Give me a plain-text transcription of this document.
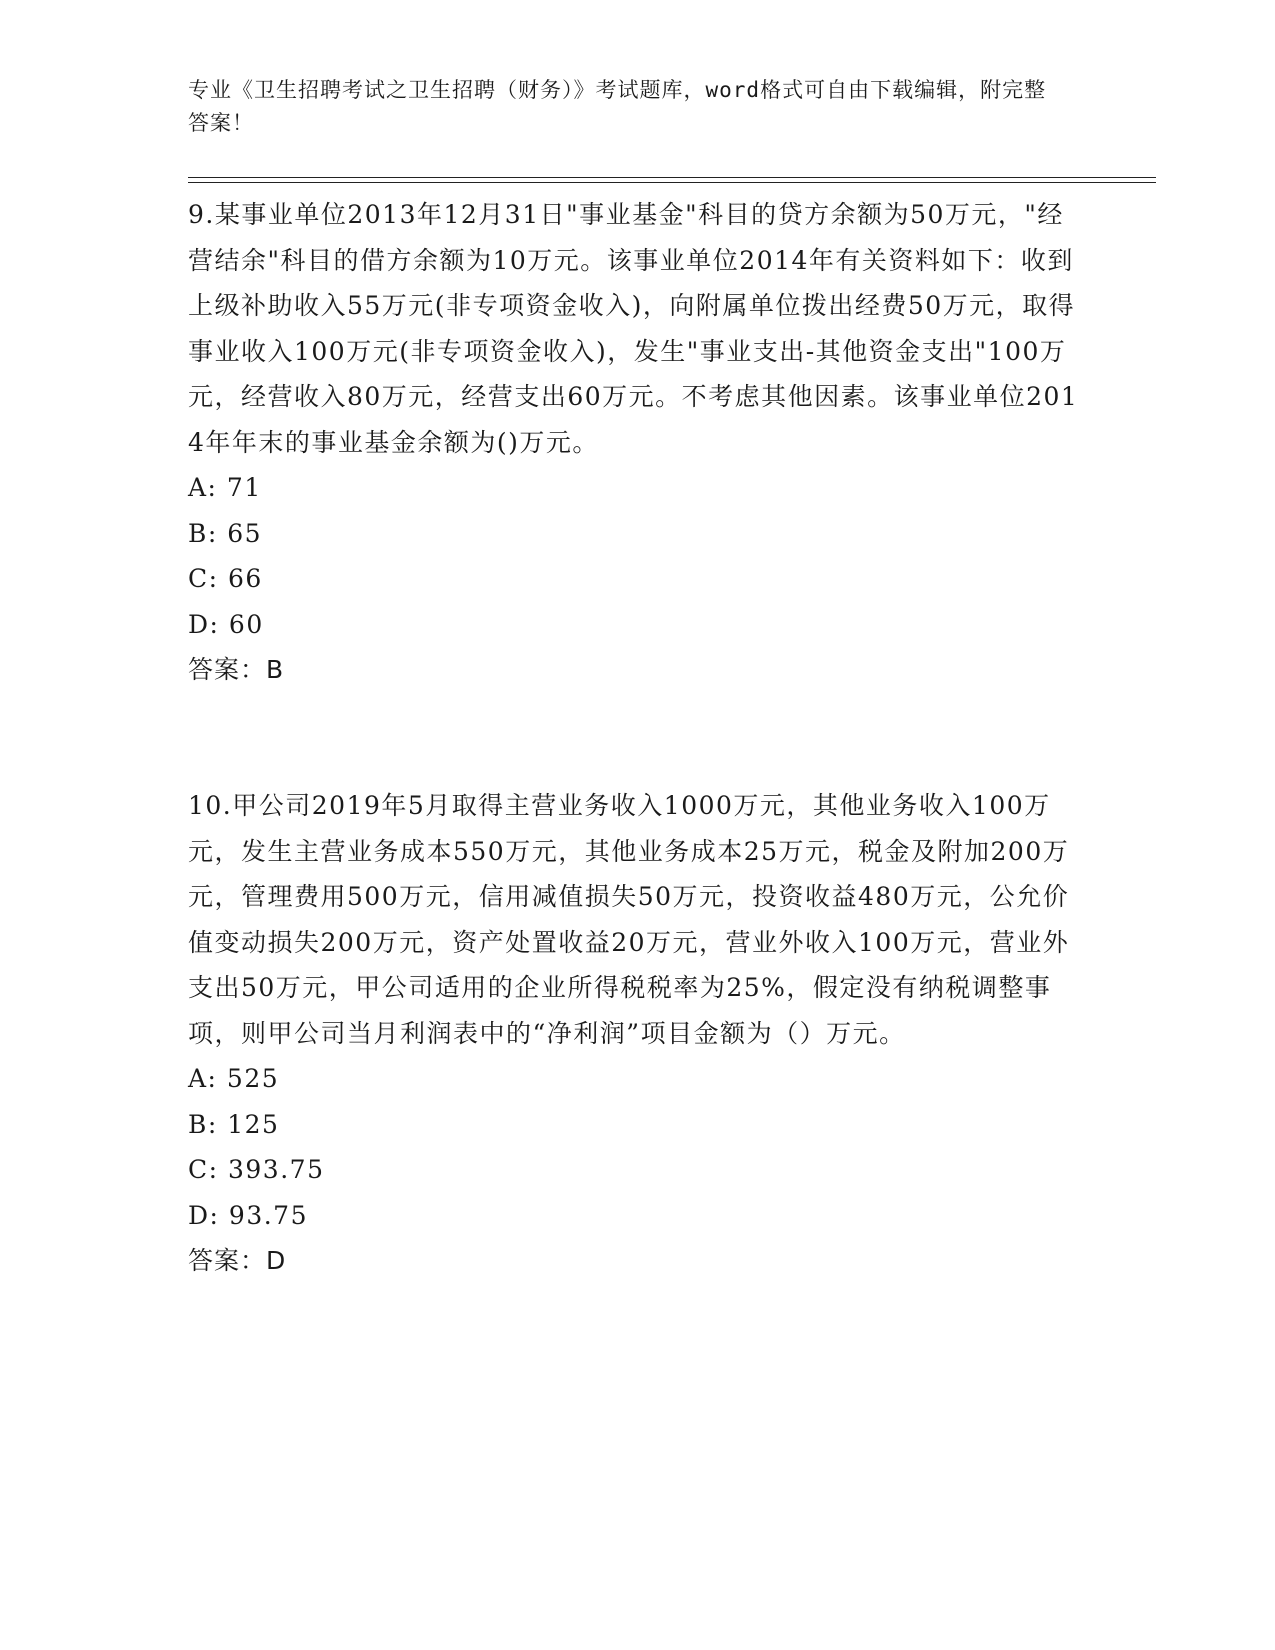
专业《卫生招聘考试之卫生招聘（财务）》考试题库，word格式可自由下载编辑，附完整答案！

9.某事业单位2013年12月31日"事业基金"科目的贷方余额为50万元，"经营结余"科目的借方余额为10万元。该事业单位2014年有关资料如下：收到上级补助收入55万元(非专项资金收入)，向附属单位拨出经费50万元，取得事业收入100万元(非专项资金收入)，发生"事业支出-其他资金支出"100万元，经营收入80万元，经营支出60万元。不考虑其他因素。该事业单位2014年年末的事业基金余额为()万元。

A: 71

B: 65

C: 66

D: 60

答案：B

10.甲公司2019年5月取得主营业务收入1000万元，其他业务收入100万元，发生主营业务成本550万元，其他业务成本25万元，税金及附加200万元，管理费用500万元，信用减值损失50万元，投资收益480万元，公允价值变动损失200万元，资产处置收益20万元，营业外收入100万元，营业外支出50万元，甲公司适用的企业所得税税率为25%，假定没有纳税调整事项，则甲公司当月利润表中的“净利润”项目金额为（）万元。

A: 525

B: 125

C: 393.75

D: 93.75

答案：D
